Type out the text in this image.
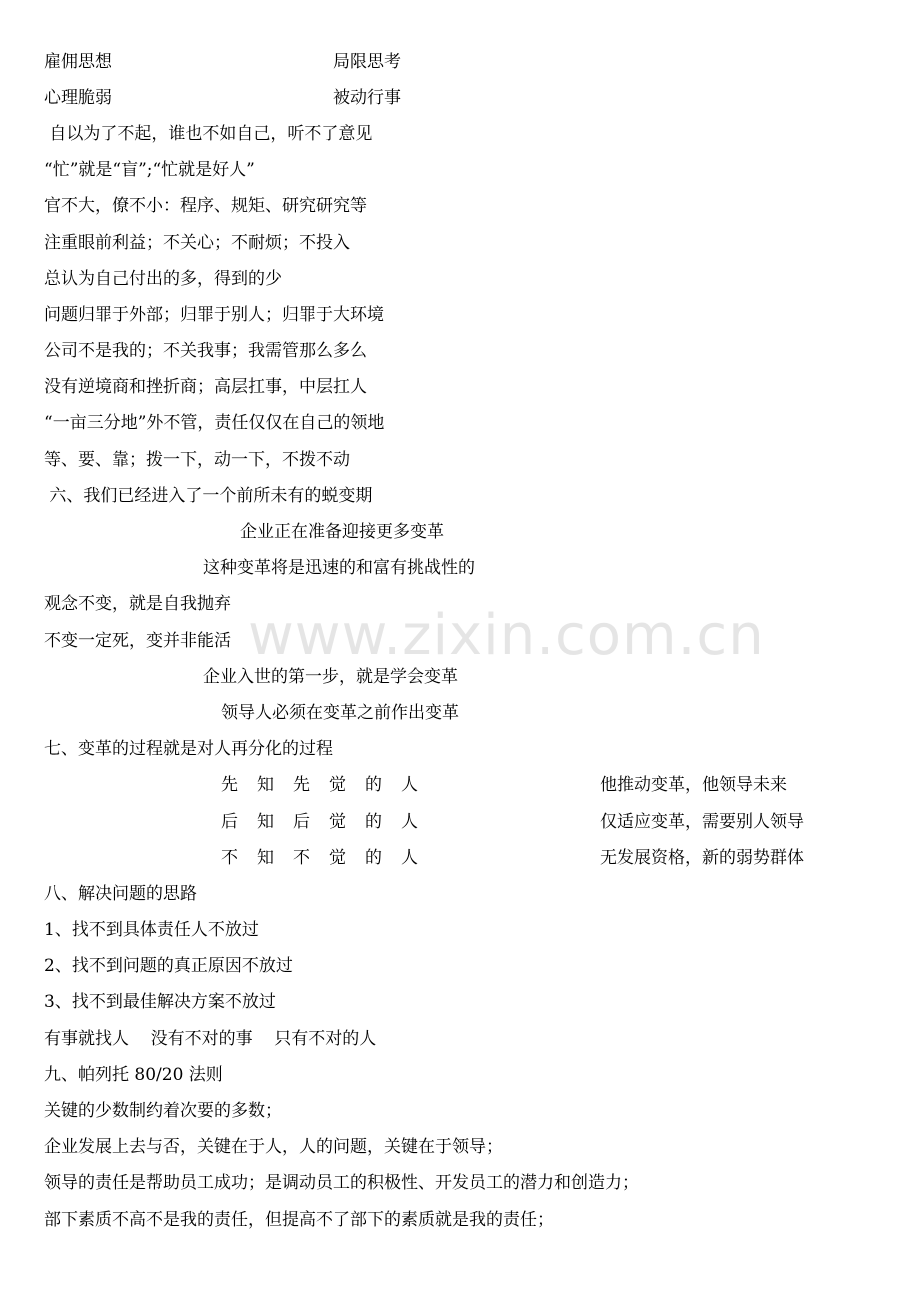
www.zixin.com.cn
雇佣思想	局限思考
心理脆弱	被动行事
自以为了不起，谁也不如自己，听不了意见
“忙”就是“盲”;“忙就是好人”
官不大，僚不小：程序、规矩、研究研究等
注重眼前利益；不关心；不耐烦；不投入
总认为自己付出的多，得到的少
问题归罪于外部；归罪于别人；归罪于大环境
公司不是我的；不关我事；我需管那么多么
没有逆境商和挫折商；高层扛事，中层扛人
“一亩三分地”外不管，责任仅仅在自己的领地
等、要、靠；拨一下，动一下，不拨不动
六、我们已经进入了一个前所未有的蜕变期
企业正在准备迎接更多变革
这种变革将是迅速的和富有挑战性的
观念不变，就是自我抛弃
不变一定死，变并非能活
企业入世的第一步，就是学会变革
领导人必须在变革之前作出变革
七、变革的过程就是对人再分化的过程
先知先觉的人	他推动变革，他领导未来
后知后觉的人	仅适应变革，需要别人领导
不知不觉的人	无发展资格，新的弱势群体
八、解决问题的思路
1、找不到具体责任人不放过
2、找不到问题的真正原因不放过
3、找不到最佳解决方案不放过
有事就找人    没有不对的事    只有不对的人
九、帕列托 80/20 法则
关键的少数制约着次要的多数；
企业发展上去与否，关键在于人，人的问题，关键在于领导；
领导的责任是帮助员工成功；是调动员工的积极性、开发员工的潜力和创造力；
部下素质不高不是我的责任，但提高不了部下的素质就是我的责任；
